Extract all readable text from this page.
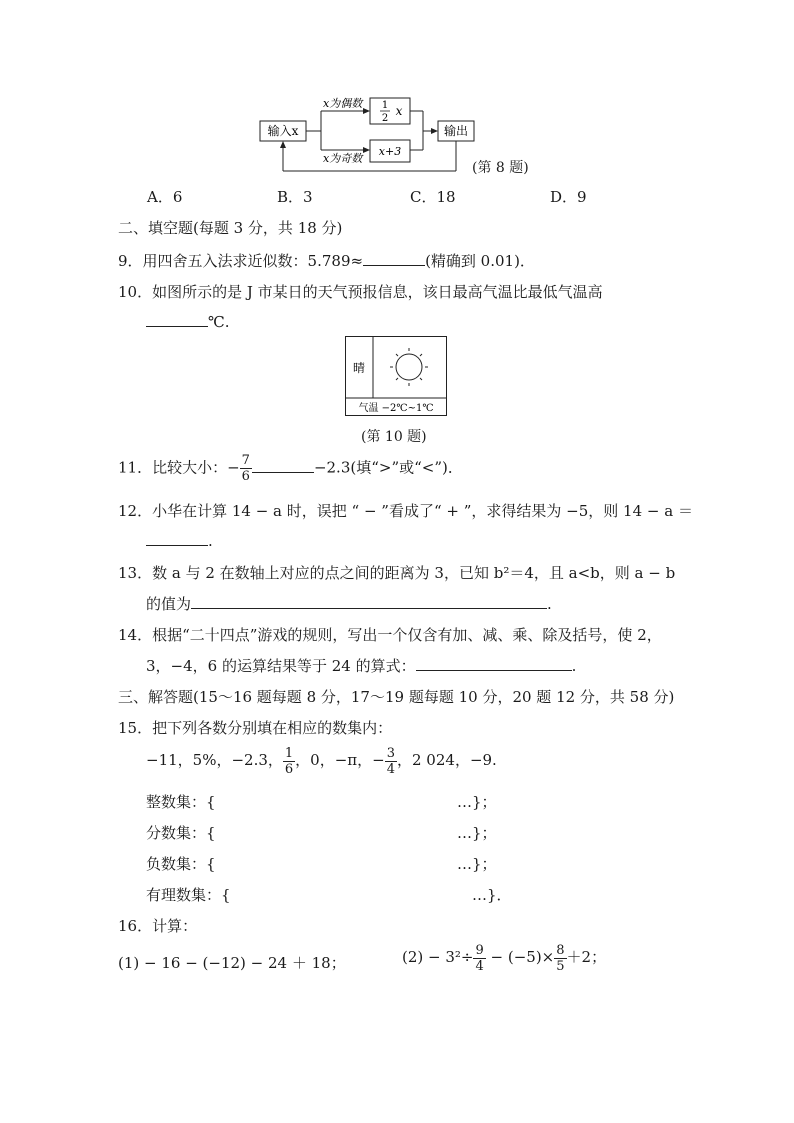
输入x
x为偶数
x为奇数
1
2
x
x+3
输出
(第 8 题)
A．6	B．3	C．18	D．9
二、填空题(每题 3 分，共 18 分)
9．用四舍五入法求近似数：5.789≈	(精确到 0.01)．
10．如图所示的是 J 市某日的天气预报信息，该日最高气温比最低气温高
℃.
晴
气温 −2℃~1℃
(第 10 题)
11．比较大小：− $\frac{7}{6}$	−2.3(填“>”或“<”)．
12．小华在计算 14 − a 时，误把 “ − ”看成了“ + ”，求得结果为 −5，则 14 − a ＝
.
13．数 a 与 2 在数轴上对应的点之间的距离为 3，已知 b²＝4，且 a<b，则 a − b
的值为	.
14．根据“二十四点”游戏的规则，写出一个仅含有加、减、乘、除及括号，使 2，
3，−4，6 的运算结果等于 24 的算式：	.
三、解答题(15～16 题每题 8 分，17～19 题每题 10 分，20 题 12 分，共 58 分)
15．把下列各数分别填在相应的数集内：
−11，5%，−2.3， $\frac{1}{6}$ ，0，−π，− $\frac{3}{4}$ ，2 024，−9.
整数集：{	…}；
分数集：{	…}；
负数集：{	…}；
有理数集：{	…}．
16．计算：
(1) − 16 − (−12) − 24 ＋ 18；	$(2) - 3^2\div \frac{9}{4} - (-5)\times \frac{8}{5} +2$；
